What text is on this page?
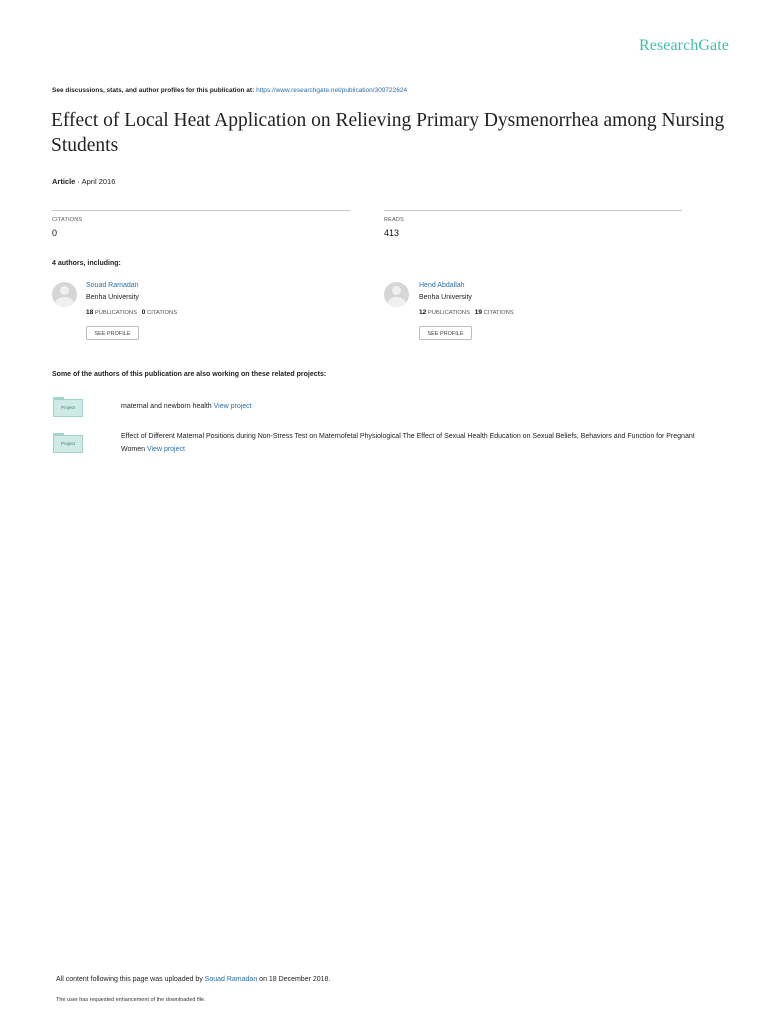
ResearchGate
See discussions, stats, and author profiles for this publication at: https://www.researchgate.net/publication/309722624
Effect of Local Heat Application on Relieving Primary Dysmenorrhea among Nursing Students
Article · April 2016
CITATIONS
0
READS
413
4 authors, including:
Souad Ramadan
Benha University
18 PUBLICATIONS 0 CITATIONS
SEE PROFILE
Hend Abdallah
Benha University
12 PUBLICATIONS 19 CITATIONS
SEE PROFILE
Some of the authors of this publication are also working on these related projects:
Project	maternal and newborn health View project
Project
Effect of Different Maternal Positions during Non-Stress Test on Maternofetal Physiological The Effect of Sexual Health Education on Sexual Beliefs, Behaviors and Function for Pregnant Women View project
All content following this page was uploaded by Souad Ramadan on 18 December 2018.
The user has requested enhancement of the downloaded file.
